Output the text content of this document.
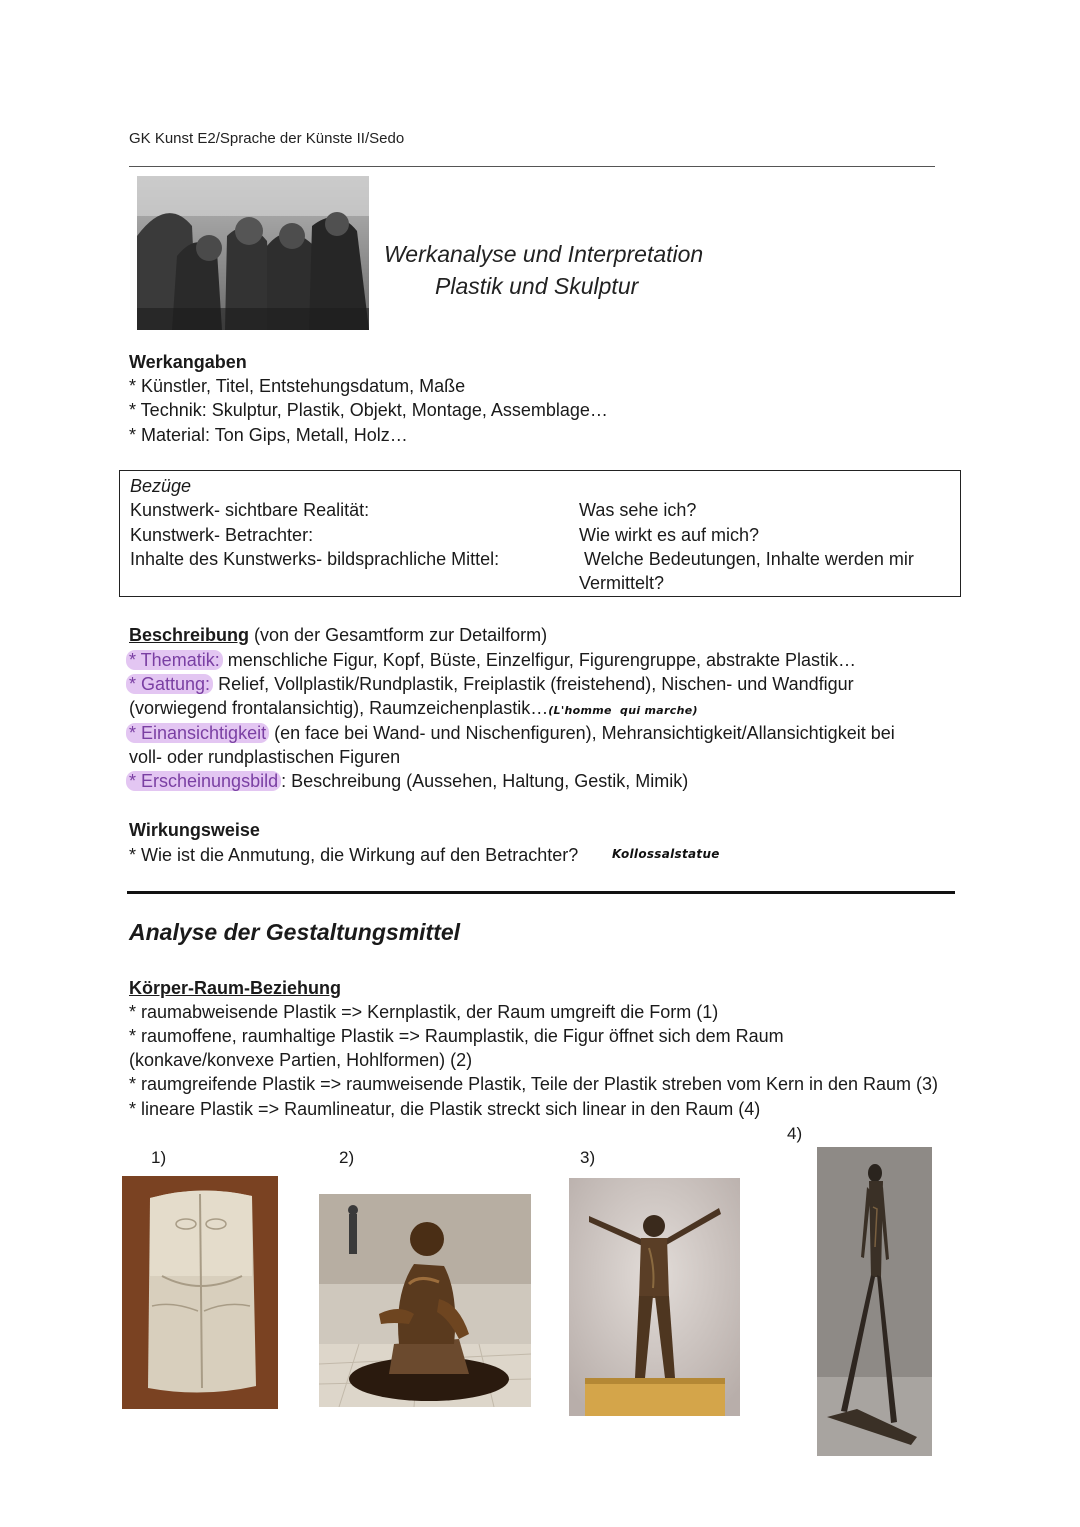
GK Kunst E2/Sprache der Künste II/Sedo
Werkanalyse und Interpretation
Plastik und Skulptur
Werkangaben
* Künstler, Titel, Entstehungsdatum, Maße
* Technik: Skulptur, Plastik, Objekt, Montage, Assemblage…
* Material: Ton Gips, Metall, Holz…
Bezüge
Kunstwerk- sichtbare Realität:	Was sehe ich?
Kunstwerk- Betrachter:	Wie wirkt es auf mich?
Inhalte des Kunstwerks- bildsprachliche Mittel:	Welche Bedeutungen, Inhalte werden mir
Vermittelt?
Beschreibung (von der Gesamtform zur Detailform)
* Thematik: menschliche Figur, Kopf, Büste, Einzelfigur, Figurengruppe, abstrakte Plastik…
* Gattung: Relief, Vollplastik/Rundplastik, Freiplastik (freistehend), Nischen- und Wandfigur
(vorwiegend frontalansichtig), Raumzeichenplastik…(L'homme  qui marche)
* Einansichtigkeit (en face bei Wand- und Nischenfiguren), Mehransichtigkeit/Allansichtigkeit bei
voll- oder rundplastischen Figuren
* Erscheinungsbild : Beschreibung (Aussehen, Haltung, Gestik, Mimik)
Wirkungsweise
* Wie ist die Anmutung, die Wirkung auf den Betrachter?	Kollossalstatue
Analyse der Gestaltungsmittel
Körper-Raum-Beziehung
* raumabweisende Plastik => Kernplastik, der Raum umgreift die Form (1)
* raumoffene, raumhaltige Plastik => Raumplastik, die Figur öffnet sich dem Raum
(konkave/konvexe Partien, Hohlformen) (2)
* raumgreifende Plastik => raumweisende Plastik, Teile der Plastik streben vom Kern in den Raum (3)
* lineare Plastik => Raumlineatur, die Plastik streckt sich linear in den Raum (4)
1)	2)	3)
4)
